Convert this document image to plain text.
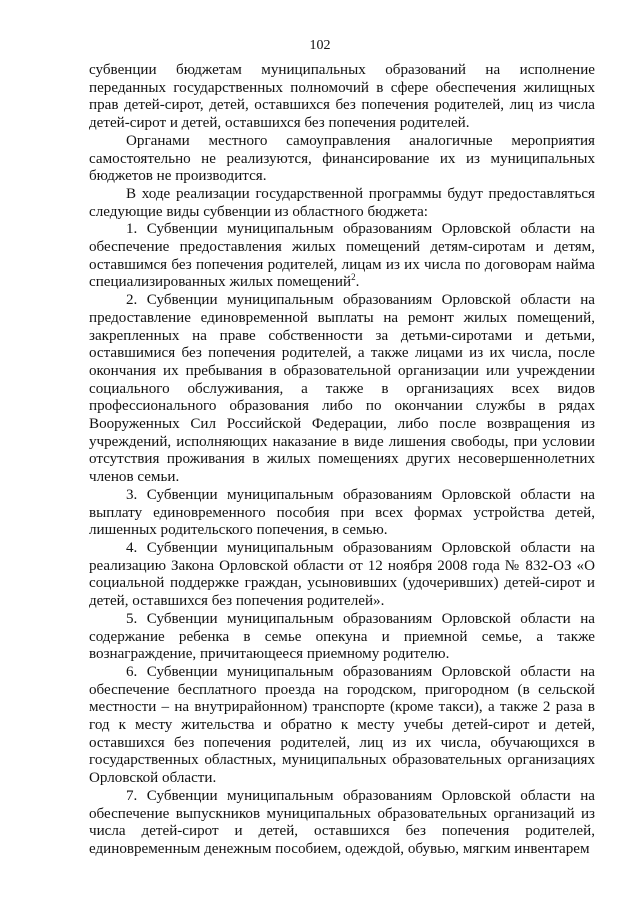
102

субвенции бюджетам муниципальных образований на исполнение переданных государственных полномочий в сфере обеспечения жилищных прав детей-сирот, детей, оставшихся без попечения родителей, лиц из числа детей-сирот и детей, оставшихся без попечения родителей.

Органами местного самоуправления аналогичные мероприятия самостоятельно не реализуются, финансирование их из муниципальных бюджетов не производится.

В ходе реализации государственной программы будут предоставляться следующие виды субвенции из областного бюджета:

1. Субвенции муниципальным образованиям Орловской области на обеспечение предоставления жилых помещений детям-сиротам и детям, оставшимся без попечения родителей, лицам из их числа по договорам найма специализированных жилых помещений$^2$.

2. Субвенции муниципальным образованиям Орловской области на предоставление единовременной выплаты на ремонт жилых помещений, закрепленных на праве собственности за детьми-сиротами и детьми, оставшимися без попечения родителей, а также лицами из их числа, после окончания их пребывания в образовательной организации или учреждении социального обслуживания, а также в организациях всех видов профессионального образования либо по окончании службы в рядах Вооруженных Сил Российской Федерации, либо после возвращения из учреждений, исполняющих наказание в виде лишения свободы, при условии отсутствия проживания в жилых помещениях других несовершеннолетних членов семьи.

3. Субвенции муниципальным образованиям Орловской области на выплату единовременного пособия при всех формах устройства детей, лишенных родительского попечения, в семью.

4. Субвенции муниципальным образованиям Орловской области на реализацию Закона Орловской области от 12 ноября 2008 года № 832-ОЗ «О социальной поддержке граждан, усыновивших (удочеривших) детей-сирот и детей, оставшихся без попечения родителей».

5. Субвенции муниципальным образованиям Орловской области на содержание ребенка в семье опекуна и приемной семье, а также вознаграждение, причитающееся приемному родителю.

6. Субвенции муниципальным образованиям Орловской области на обеспечение бесплатного проезда на городском, пригородном (в сельской местности – на внутрирайонном) транспорте (кроме такси), а также 2 раза в год к месту жительства и обратно к месту учебы детей-сирот и детей, оставшихся без попечения родителей, лиц из их числа, обучающихся в государственных областных, муниципальных образовательных организациях Орловской области.

7. Субвенции муниципальным образованиям Орловской области на обеспечение выпускников муниципальных образовательных организаций из числа детей-сирот и детей, оставшихся без попечения родителей, единовременным денежным пособием, одеждой, обувью, мягким инвентарем
